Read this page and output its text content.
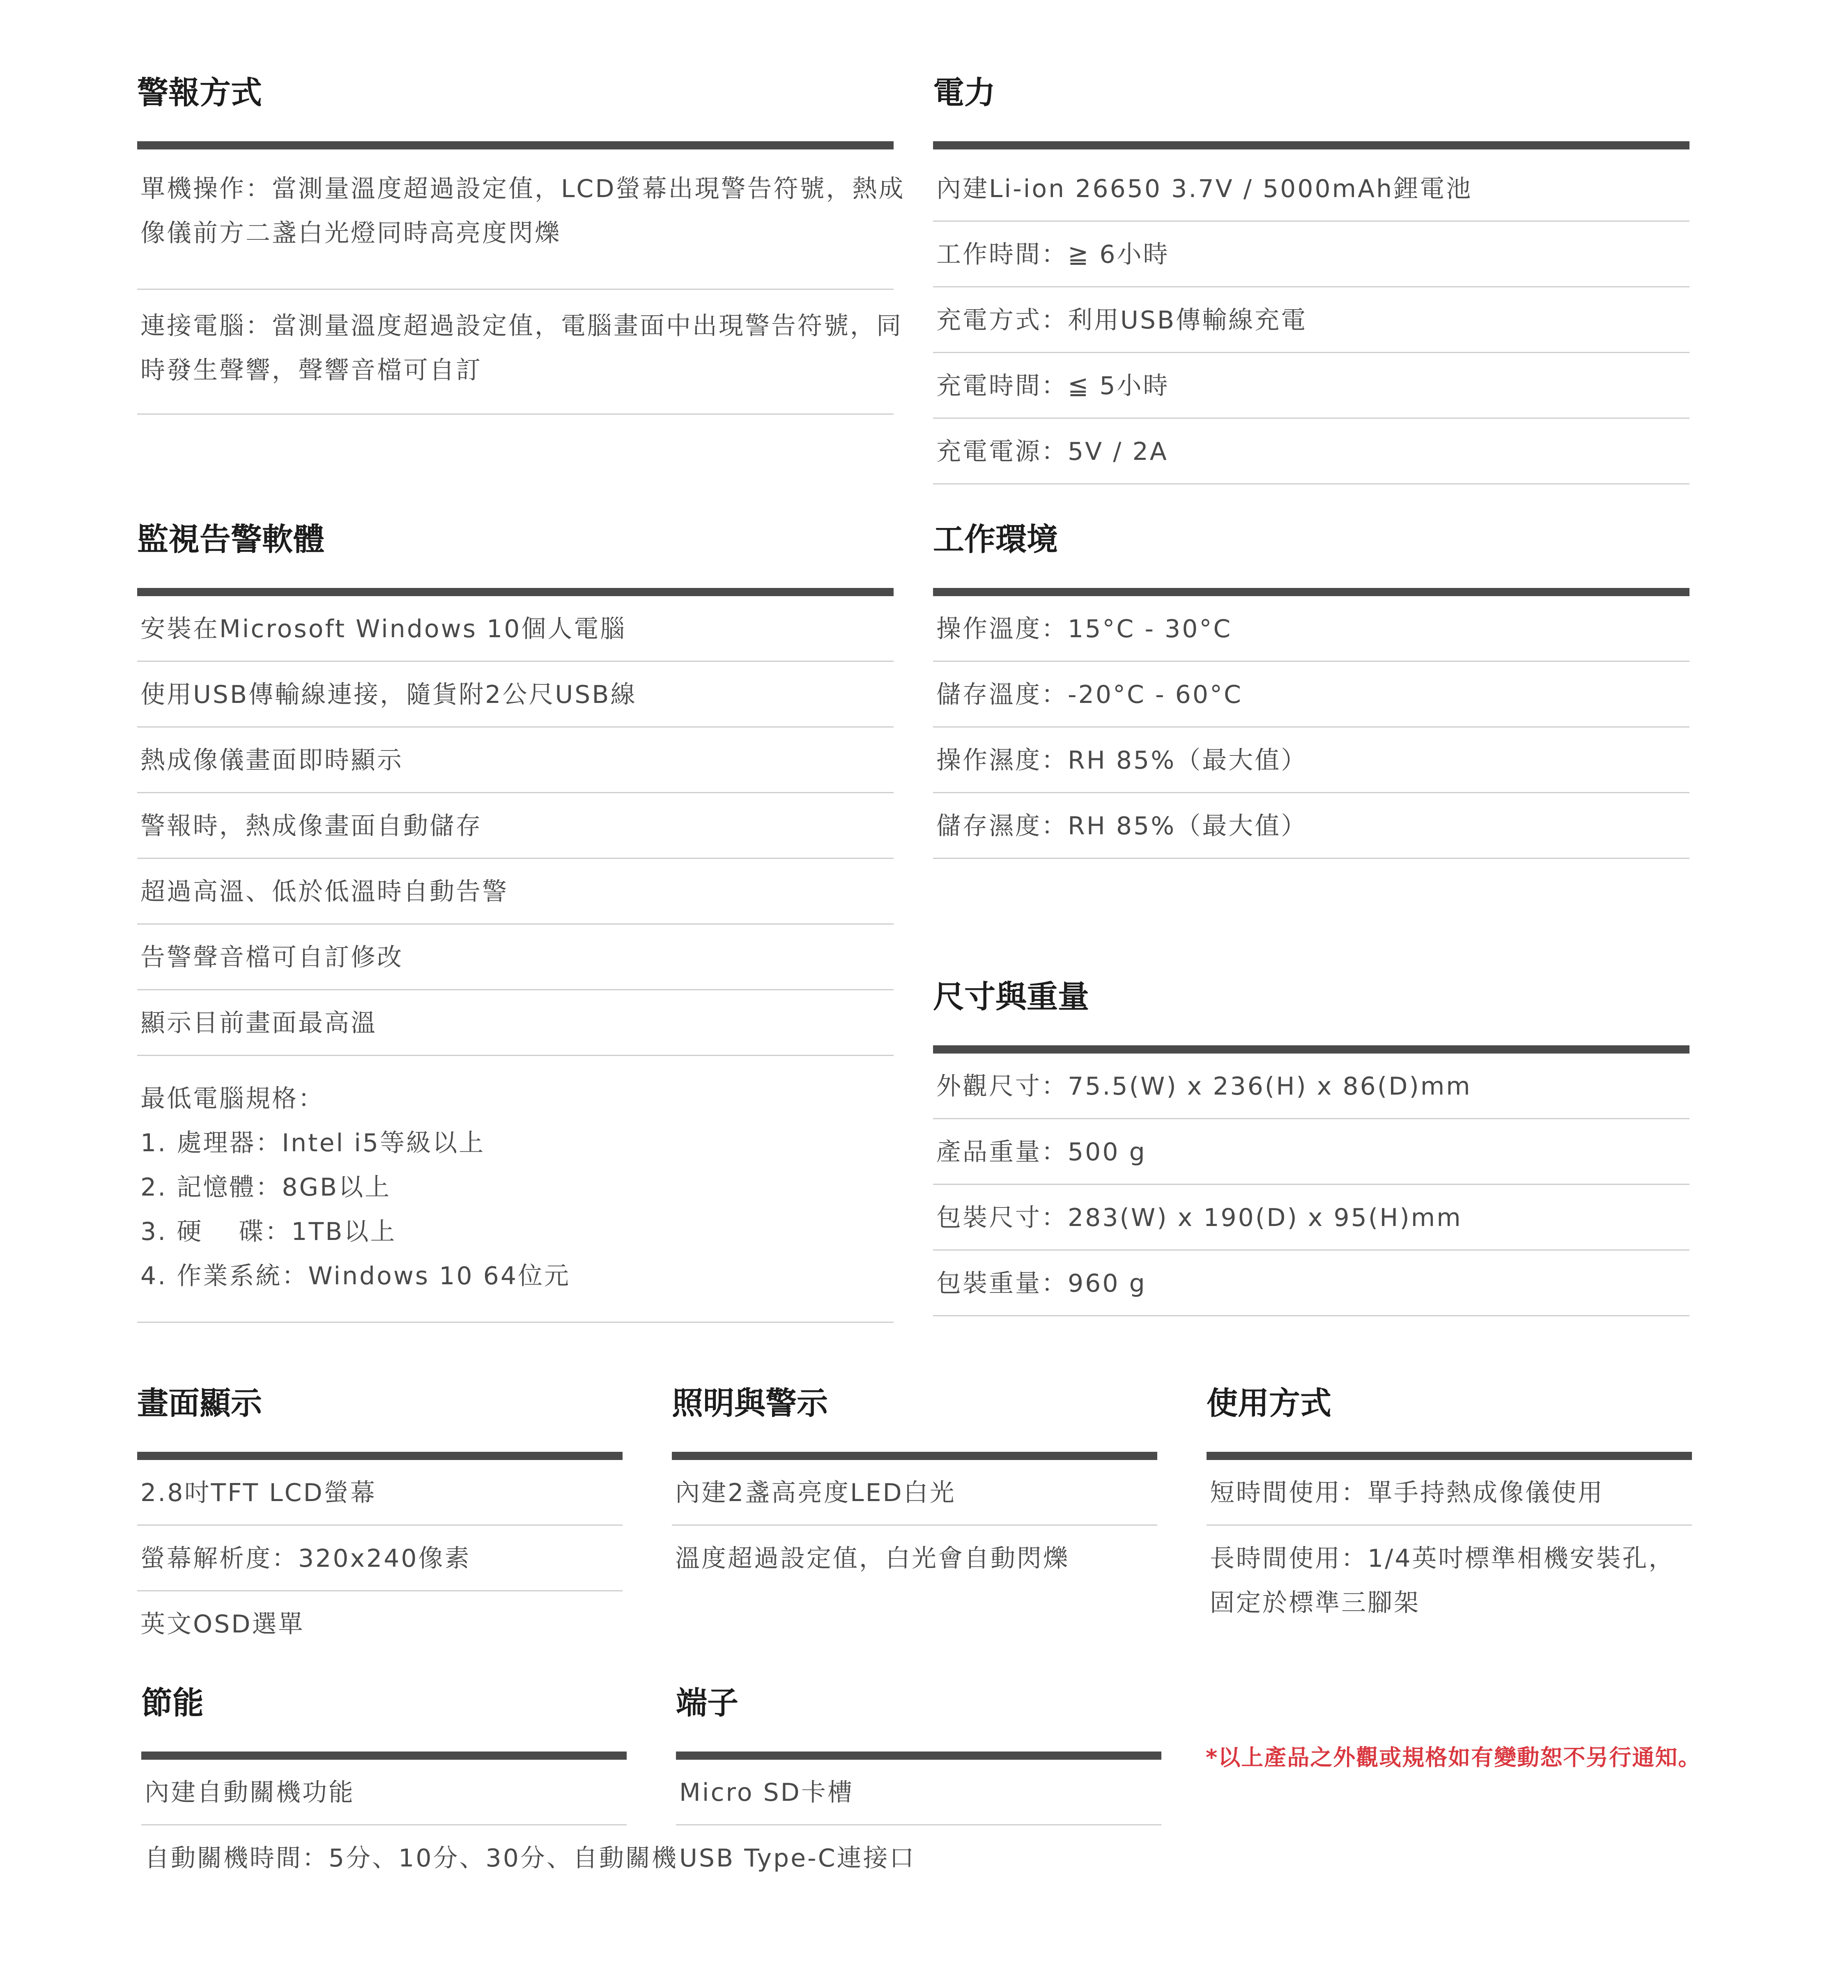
警報方式
單機操作：當測量溫度超過設定值，LCD螢幕出現警告符號，熱成
像儀前方二盞白光燈同時高亮度閃爍
連接電腦：當測量溫度超過設定值，電腦畫面中出現警告符號，同
時發生聲響，聲響音檔可自訂
電力
內建Li-ion 26650 3.7V / 5000mAh鋰電池
工作時間：≧ 6小時
充電方式：利用USB傳輸線充電
充電時間：≦ 5小時
充電電源：5V / 2A
監視告警軟體
安裝在Microsoft Windows 10個人電腦
使用USB傳輸線連接，隨貨附2公尺USB線
熱成像儀畫面即時顯示
警報時，熱成像畫面自動儲存
超過高溫、低於低溫時自動告警
告警聲音檔可自訂修改
顯示目前畫面最高溫
最低電腦規格：
1. 處理器：Intel i5等級以上
2. 記憶體：8GB以上
3. 硬　 碟：1TB以上
4. 作業系統：Windows 10 64位元
工作環境
操作溫度：15°C - 30°C
儲存溫度：-20°C - 60°C
操作濕度：RH 85%（最大值）
儲存濕度：RH 85%（最大值）
尺寸與重量
外觀尺寸：75.5(W) x 236(H) x 86(D)mm
產品重量：500 g
包裝尺寸：283(W) x 190(D) x 95(H)mm
包裝重量：960 g
畫面顯示
2.8吋TFT LCD螢幕
螢幕解析度：320x240像素
英文OSD選單
照明與警示
內建2盞高亮度LED白光
溫度超過設定值，白光會自動閃爍
使用方式
短時間使用：單手持熱成像儀使用
長時間使用：1/4英吋標準相機安裝孔，
固定於標準三腳架
節能
內建自動關機功能
自動關機時間：5分、10分、30分、自動關機
端子
Micro SD卡槽
USB Type-C連接口
*以上產品之外觀或規格如有變動恕不另行通知。
